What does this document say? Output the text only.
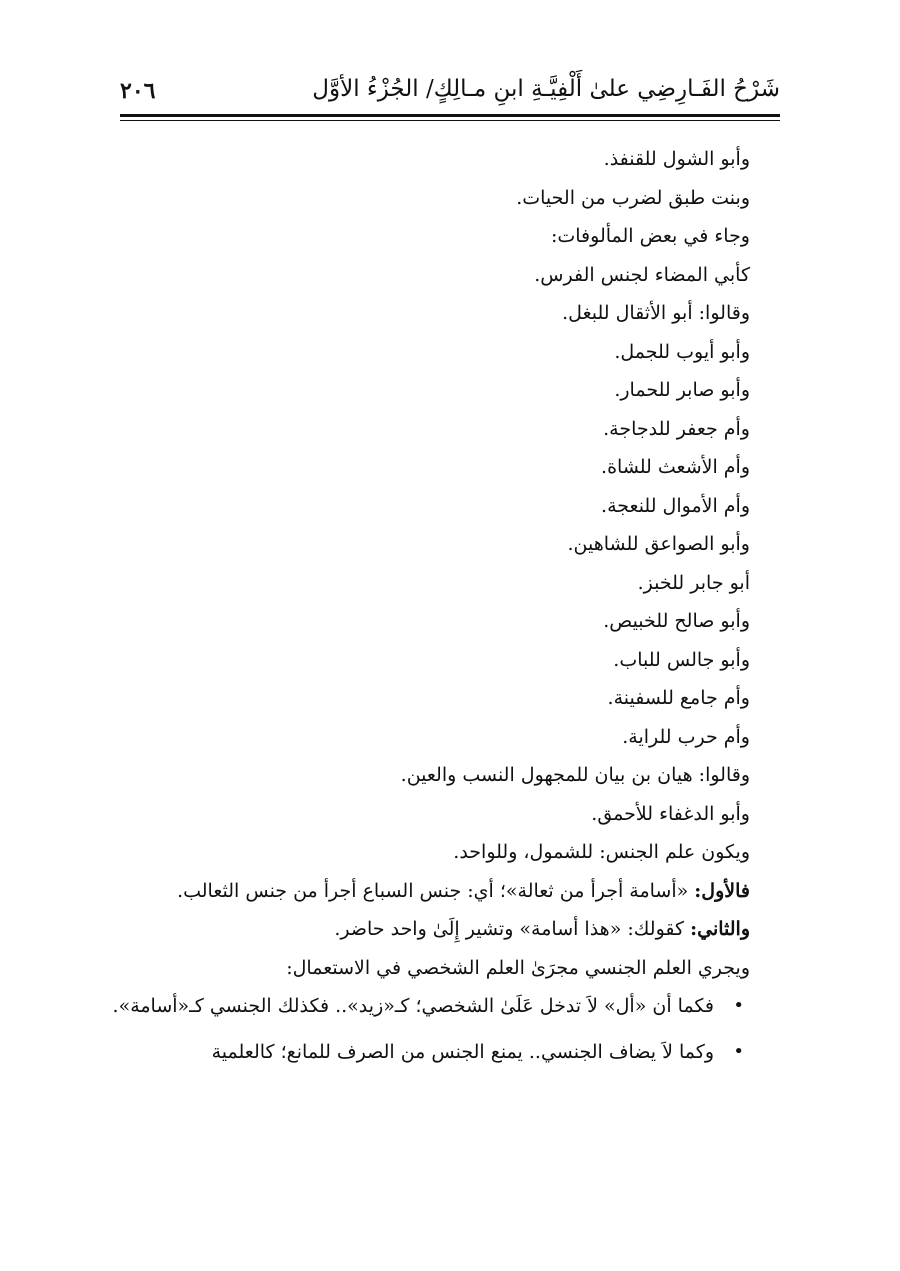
شَرْحُ الفَـارِضِي علىٰ أَلْفِيَّـةِ ابنِ مـالِكٍ/ الجُزْءُ الأوَّل
٢٠٦
وأبو الشول للقنفذ.
وبنت طبق لضرب من الحيات.
وجاء في بعض المألوفات:
كأبي المضاء لجنس الفرس.
وقالوا: أبو الأثقال للبغل.
وأبو أيوب للجمل.
وأبو صابر للحمار.
وأم جعفر للدجاجة.
وأم الأشعث للشاة.
وأم الأموال للنعجة.
وأبو الصواعق للشاهين.
أبو جابر للخبز.
وأبو صالح للخبيص.
وأبو جالس للباب.
وأم جامع للسفينة.
وأم حرب للراية.
وقالوا: هيان بن بيان للمجهول النسب والعين.
وأبو الدغفاء للأحمق.
ويكون علم الجنس: للشمول، وللواحد.
فالأول: «أسامة أجرأ من ثعالة»؛ أي: جنس السباع أجرأ من جنس الثعالب.
والثاني: كقولك: «هذا أسامة» وتشير إِلَىٰ واحد حاضر.
ويجري العلم الجنسي مجرَىٰ العلم الشخصي في الاستعمال:
•
فكما أن «أل» لاَ تدخل عَلَىٰ الشخصي؛ كـ«زيد».. فكذلك الجنسي كـ«أسامة».
•
وكما لاَ يضاف الجنسي.. يمنع الجنس من الصرف للمانع؛ كالعلمية
